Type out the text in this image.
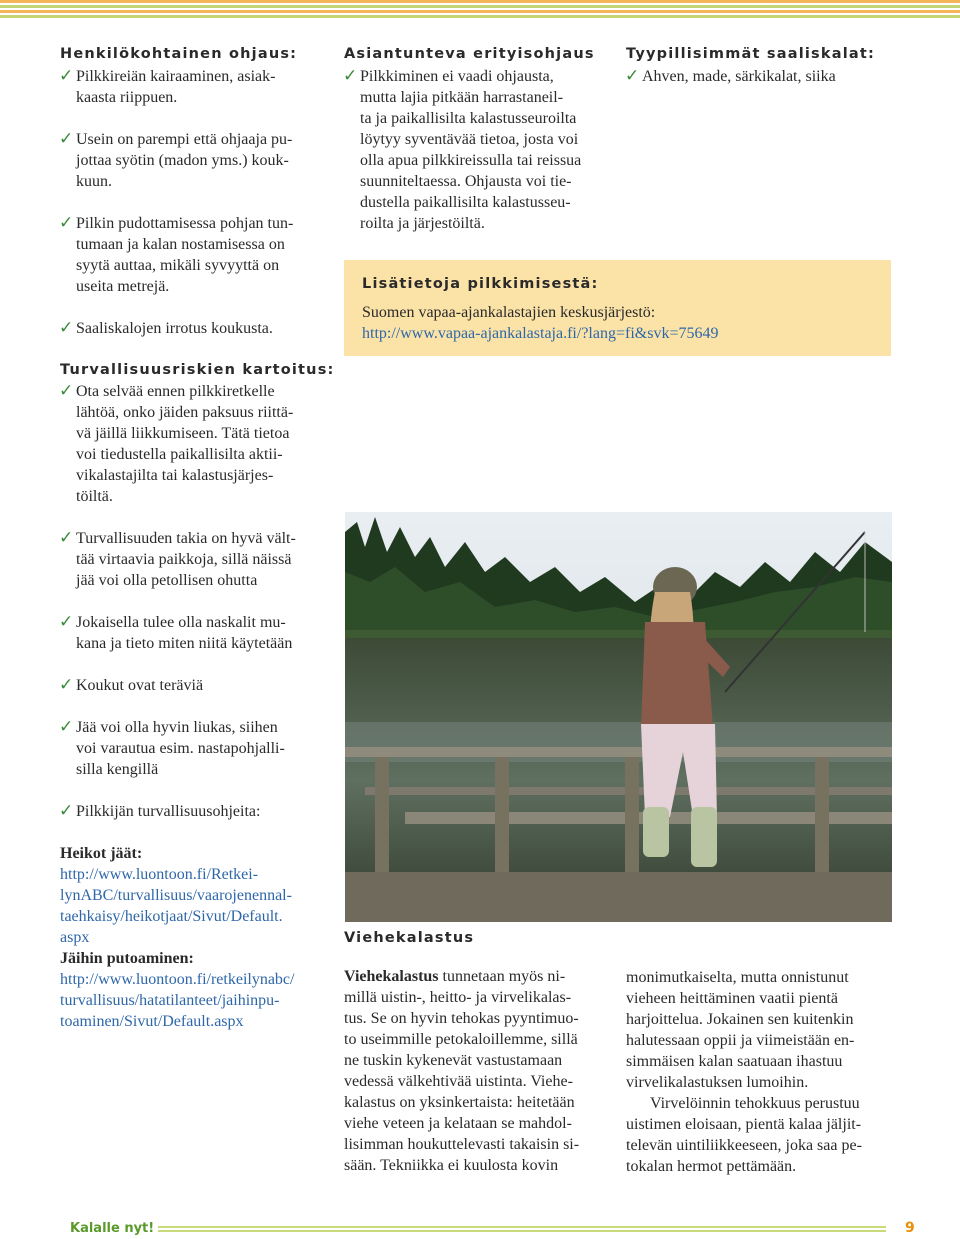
Henkilökohtainen ohjaus:
✓ Pilkkireiän kairaaminen, asiak-
kaasta riippuen.
✓ Usein on parempi että ohjaaja pu-
jottaa syötin (madon yms.) kouk-
kuun.
✓ Pilkin pudottamisessa pohjan tun-
tumaan ja kalan nostamisessa on
syytä auttaa, mikäli syvyyttä on
useita metrejä.
✓ Saaliskalojen irrotus koukusta.
Turvallisuusriskien kartoitus:
✓ Ota selvää ennen pilkkiretkelle
lähtöä, onko jäiden paksuus riittä-
vä jäillä liikkumiseen. Tätä tietoa
voi tiedustella paikallisilta aktii-
vikalastajilta tai kalastusjärjes-
töiltä.
✓ Turvallisuuden takia on hyvä vält-
tää virtaavia paikkoja, sillä näissä
jää voi olla petollisen ohutta
✓ Jokaisella tulee olla naskalit mu-
kana ja tieto miten niitä käytetään
✓ Koukut ovat teräviä
✓ Jää voi olla hyvin liukas, siihen
voi varautua esim. nastapohjalli-
silla kengillä
✓ Pilkkijän turvallisuusohjeita:
Heikot jäät:
http://www.luontoon.fi/Retkei-
lynABC/turvallisuus/vaarojenennal-
taehkaisy/heikotjaat/Sivut/Default.
aspx
Jäihin putoaminen:
http://www.luontoon.fi/retkeilynabc/
turvallisuus/hatatilanteet/jaihinpu-
toaminen/Sivut/Default.aspx
Asiantunteva erityisohjaus
✓ Pilkkiminen ei vaadi ohjausta,
mutta lajia pitkään harrastaneil-
ta ja paikallisilta kalastusseuroilta
löytyy syventävää tietoa, josta voi
olla apua pilkkireissulla tai reissua
suunniteltaessa. Ohjausta voi tie-
dustella paikallisilta kalastusseu-
roilta ja järjestöiltä.
Tyypillisimmät saaliskalat:
✓ Ahven, made, särkikalat, siika
Lisätietoja pilkkimisestä:
Suomen vapaa-ajankalastajien keskusjärjestö:
http://www.vapaa-ajankalastaja.fi/?lang=fi&svk=75649
Viehekalastus
Viehekalastus tunnetaan myös ni-
millä uistin-, heitto- ja virvelikalas-
tus. Se on hyvin tehokas pyyntimuo-
to useimmille petokaloillemme, sillä
ne tuskin kykenevät vastustamaan
vedessä välkehtivää uistinta. Viehe-
kalastus on yksinkertaista: heitetään
viehe veteen ja kelataan se mahdol-
lisimman houkuttelevasti takaisin si-
sään. Tekniikka ei kuulosta kovin
monimutkaiselta, mutta onnistunut
vieheen heittäminen vaatii pientä
harjoittelua. Jokainen sen kuitenkin
halutessaan oppii ja viimeistään en-
simmäisen kalan saatuaan ihastuu
virvelikalastuksen lumoihin.
Virvelöinnin tehokkuus perustuu
uistimen eloisaan, pientä kalaa jäljit-
televän uintiliikkeeseen, joka saa pe-
tokalan hermot pettämään.
Kalalle nyt!	9
